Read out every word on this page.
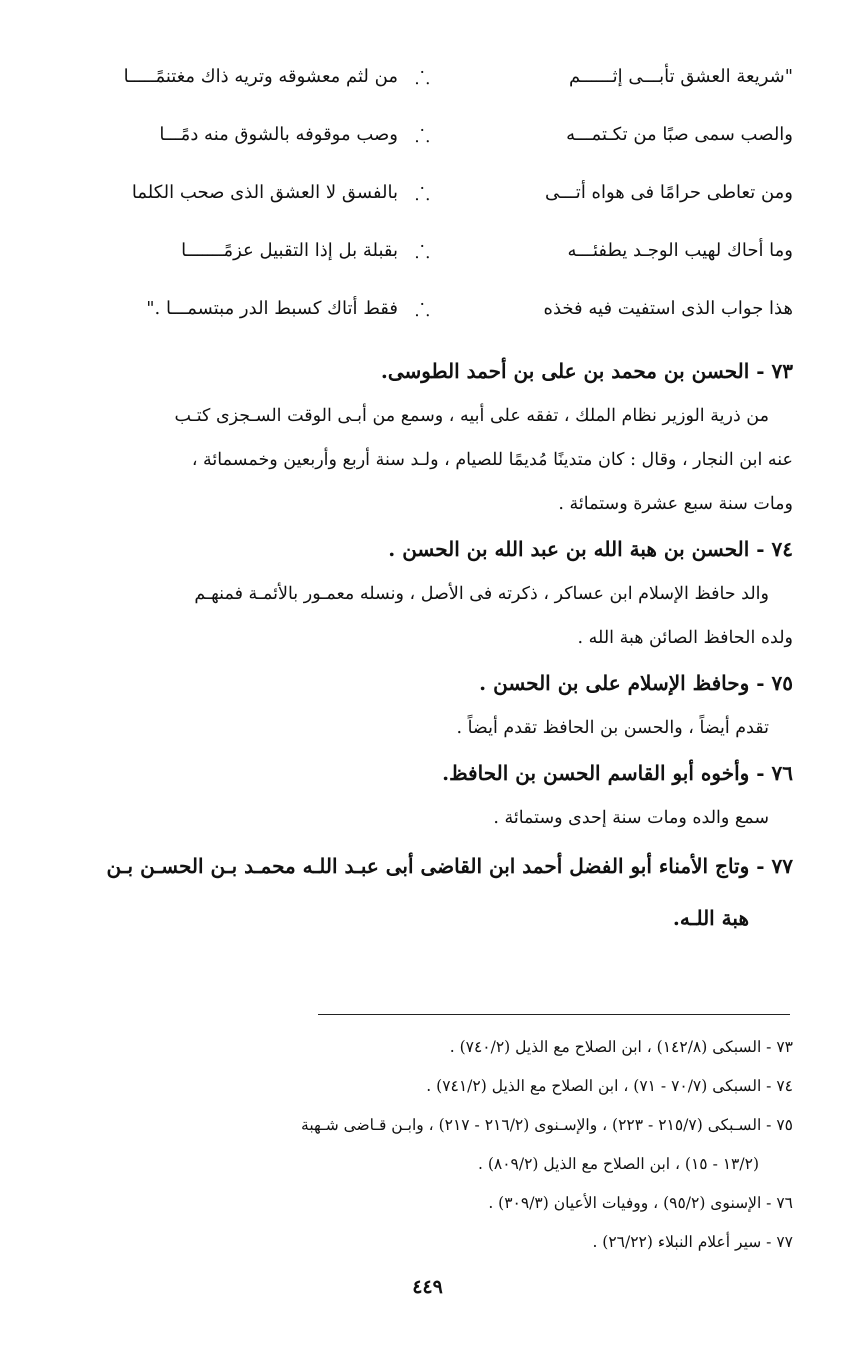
"شريعة العشق تأبـــى إثــــــم
⸫
من لثم معشوقه وتريه ذاك مغتنمًـــــا
والصب سمى صبًا من تكـتمـــه
⸫
وصب موقوفه بالشوق منه دمًـــا
ومن تعاطى حرامًا فى هواه أتـــى
⸫
بالفسق لا العشق الذى صحب الكلما
وما أحاك لهيب الوجـد يطفئـــه
⸫
بقبلة بل إذا التقبيل عزمًـــــــا
هذا جواب الذى استفيت فيه فخذه
⸫
فقط أتاك كسبط الدر مبتسمـــا ."
٧٣ - الحسن بن محمد بن على بن أحمد الطوسى.

من ذرية الوزير نظام الملك ، تفقه على أبيه ، وسمع من أبـى الوقت السـجزى كتـب

عنه ابن النجار ، وقال : كان متدينًا مُديمًا للصيام ، ولـد سنة أربع وأربعين وخمسمائة ،

ومات سنة سبع عشرة وستمائة .

٧٤ - الحسن بن هبة الله بن عبد الله بن الحسن .

والد حافظ الإسلام ابن عساكر ، ذكرته فى الأصل ، ونسله معمـور بالأئمـة فمنهـم

ولده الحافظ الصائن هبة الله .

٧٥ - وحافظ الإسلام على بن الحسن .

تقدم أيضاً ، والحسن بن الحافظ تقدم أيضاً .

٧٦ - وأخوه أبو القاسم الحسن بن الحافظ.

سمع والده ومات سنة إحدى وستمائة .

٧٧ - وتاج الأمناء أبو الفضل أحمد ابن القاضى أبى عبـد اللـه محمـد بـن الحسـن بـن
هبة اللـه.

٧٣ - السبكى (١٤٢/٨) ، ابن الصلاح مع الذيل (٧٤٠/٢) .

٧٤ - السبكى (٧٠/٧ - ٧١) ، ابن الصلاح مع الذيل (٧٤١/٢) .

٧٥ - السـبكى (٢١٥/٧ - ٢٢٣) ، والإسـنوى (٢١٦/٢ - ٢١٧) ، وابـن قـاضى شـهبة

(١٣/٢ - ١٥) ، ابن الصلاح مع الذيل (٨٠٩/٢) .

٧٦ - الإسنوى (٩٥/٢) ، ووفيات الأعيان (٣٠٩/٣) .

٧٧ - سير أعلام النبلاء (٢٦/٢٢) .

٤٤٩
